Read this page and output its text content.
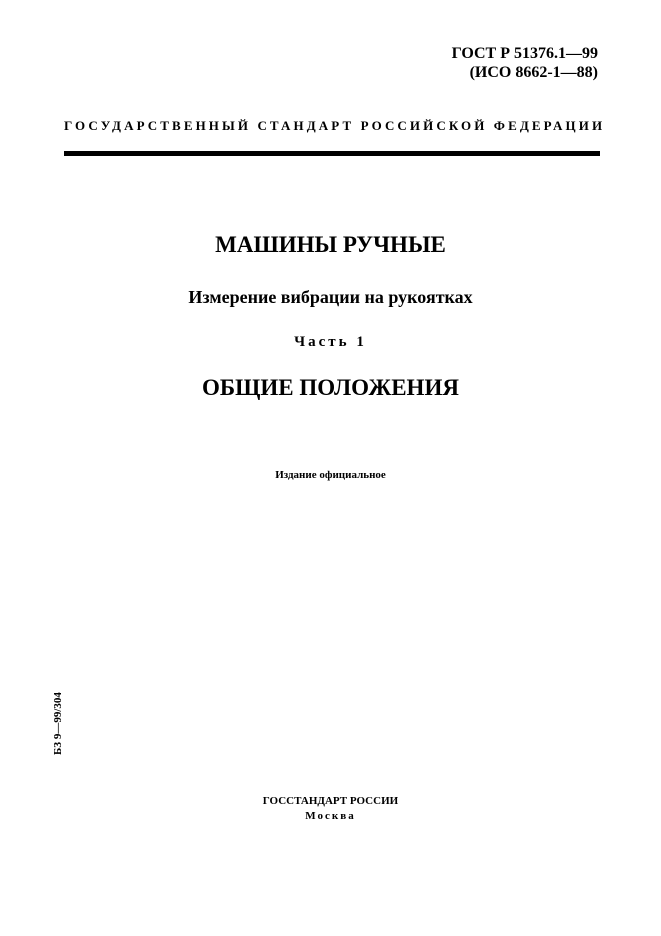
ГОСТ Р 51376.1—99
(ИСО 8662-1—88)
ГОСУДАРСТВЕННЫЙ СТАНДАРТ РОССИЙСКОЙ ФЕДЕРАЦИИ
МАШИНЫ РУЧНЫЕ
Измерение вибрации на рукоятках
Часть 1
ОБЩИЕ ПОЛОЖЕНИЯ
Издание официальное
БЗ 9—99/304
ГОССТАНДАРТ РОССИИ
Москва
